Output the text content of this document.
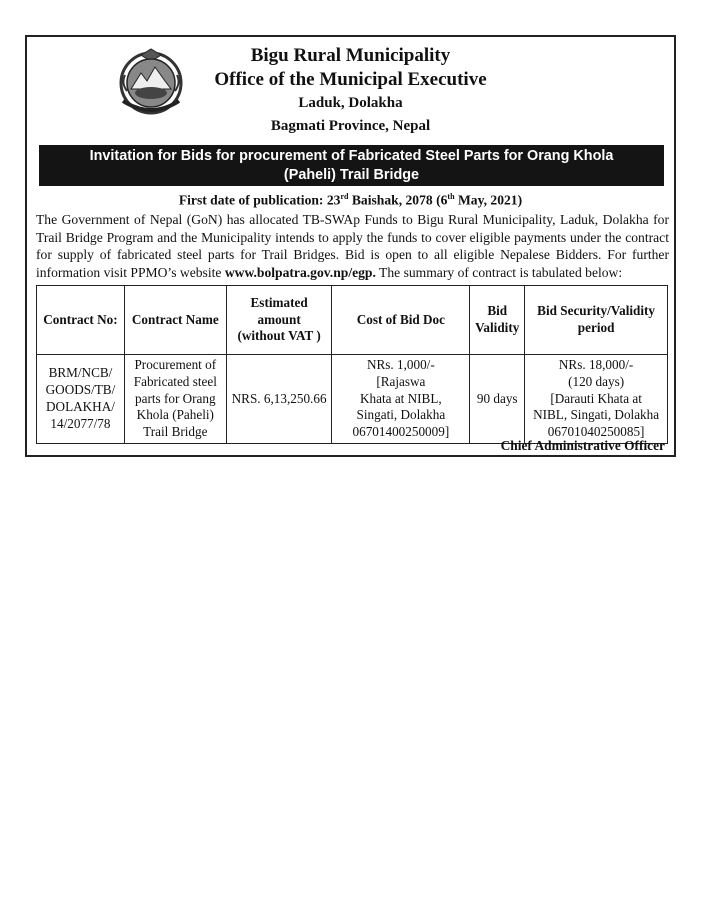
Bigu Rural Municipality
Office of the Municipal Executive
Laduk, Dolakha
Bagmati Province, Nepal
Invitation for Bids for procurement of Fabricated Steel Parts for Orang Khola
(Paheli) Trail Bridge
First date of publication: 23rd Baishak, 2078 (6th May, 2021)
The Government of Nepal (GoN) has allocated TB-SWAp Funds to Bigu Rural Municipality, Laduk, Dolakha for Trail Bridge Program and the Municipality intends to apply the funds to cover eligible payments under the contract for supply of fabricated steel parts for Trail Bridges. Bid is open to all eligible Nepalese Bidders. For further information visit PPMO’s website www.bolpatra.gov.np/egp. The summary of contract is tabulated below:
Contract No:	Contract Name	Estimated
amount
(without VAT )	Cost of Bid Doc	Bid
Validity	Bid Security/Validity
period

BRM/NCB/
GOODS/TB/
DOLAKHA/
14/2077/78	Procurement of
Fabricated steel
parts for Orang
Khola (Paheli)
Trail Bridge	NRS. 6,13,250.66	NRs. 1,000/-
[Rajaswa
Khata at NIBL,
Singati, Dolakha
06701400250009]	90 days	NRs. 18,000/-
(120 days)
[Darauti Khata at
NIBL, Singati, Dolakha
06701040250085]
Chief Administrative Officer
